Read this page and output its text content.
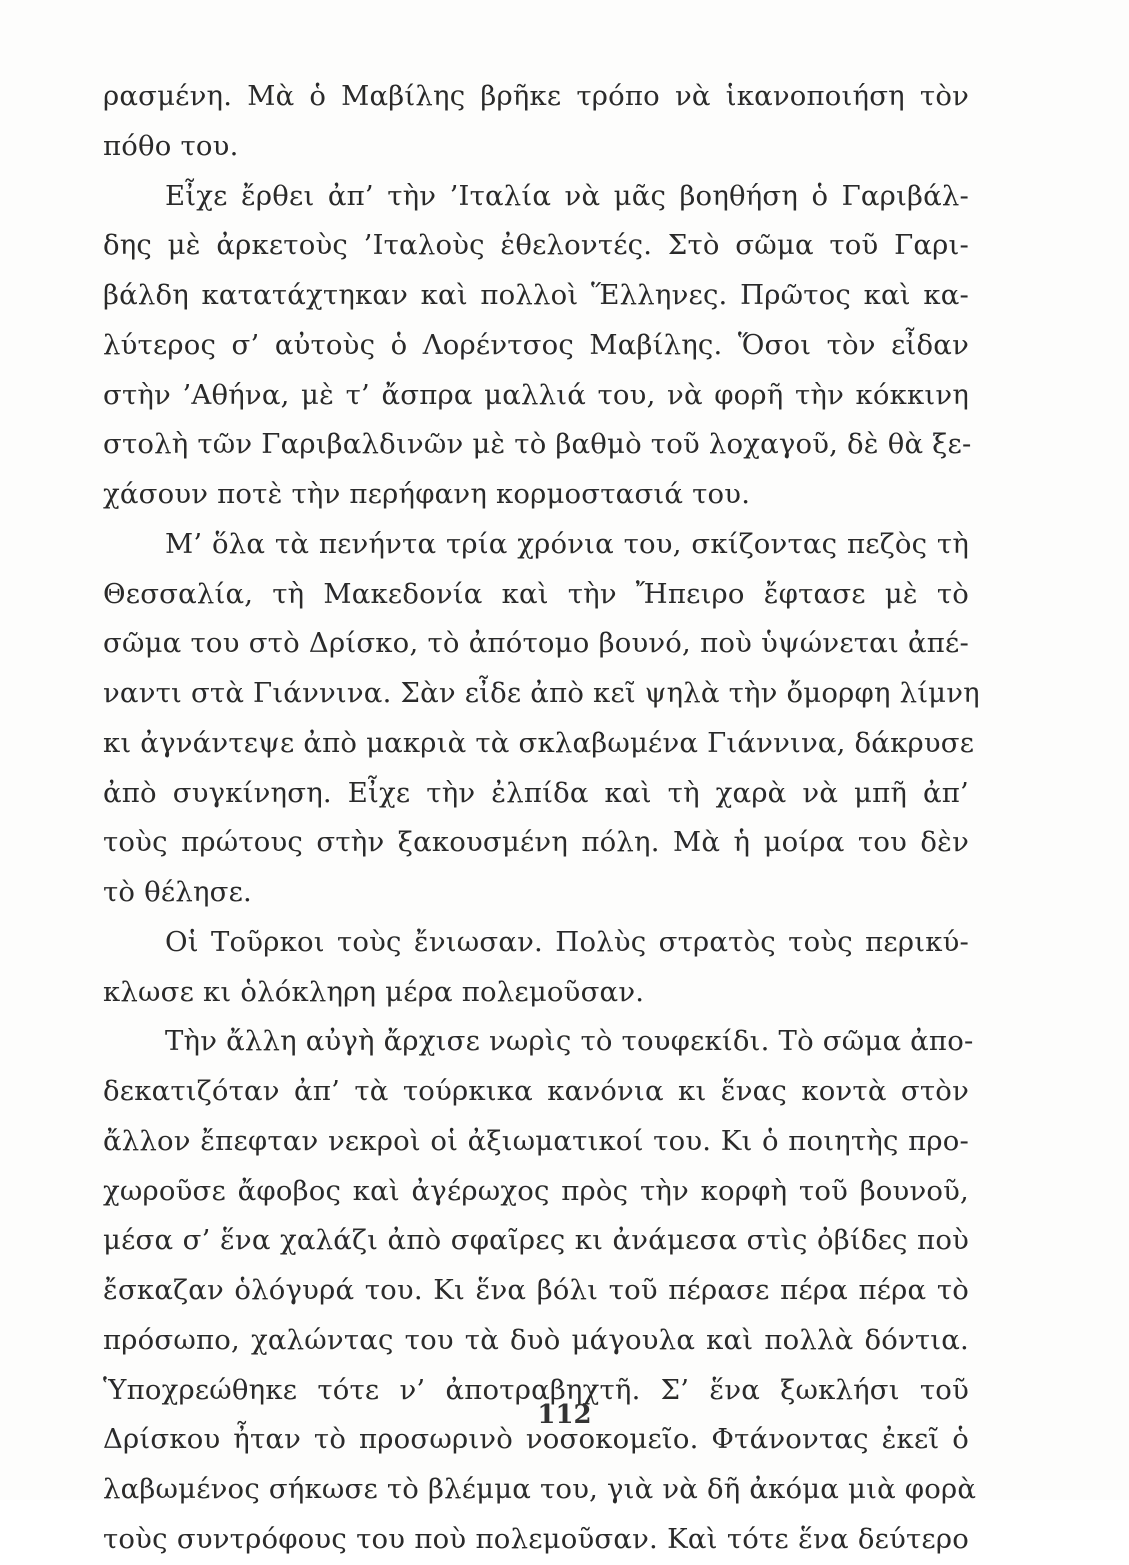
ρασμένη. Μὰ ὁ Μαβίλης βρῆκε τρόπο νὰ ἱκανοποιήση τὸν
πόθο του.
Εἶχε ἔρθει ἀπ’ τὴν ’Ιταλία νὰ μᾶς βοηθήση ὁ Γαριβάλ-
δης μὲ ἀρκετοὺς ’Ιταλοὺς ἐθελοντές. Στὸ σῶμα τοῦ Γαρι-
βάλδη κατατάχτηκαν καὶ πολλοὶ Ἕλληνες. Πρῶτος καὶ κα-
λύτερος σ’ αὐτοὺς ὁ Λορέντσος Μαβίλης. Ὅσοι τὸν εἶδαν
στὴν ’Αθήνα, μὲ τ’ ἄσπρα μαλλιά του, νὰ φορῆ τὴν κόκκινη
στολὴ τῶν Γαριβαλδινῶν μὲ τὸ βαθμὸ τοῦ λοχαγοῦ, δὲ θὰ ξε-
χάσουν ποτὲ τὴν περήφανη κορμοστασιά του.
Μ’ ὅλα τὰ πενήντα τρία χρόνια του, σκίζοντας πεζὸς τὴ
Θεσσαλία, τὴ Μακεδονία καὶ τὴν Ἤπειρο ἔφτασε μὲ τὸ
σῶμα του στὸ Δρίσκο, τὸ ἀπότομο βουνό, ποὺ ὑψώνεται ἀπέ-
ναντι στὰ Γιάννινα. Σὰν εἶδε ἀπὸ κεῖ ψηλὰ τὴν ὄμορφη λίμνη
κι ἀγνάντεψε ἀπὸ μακριὰ τὰ σκλαβωμένα Γιάννινα, δάκρυσε
ἀπὸ συγκίνηση. Εἶχε τὴν ἐλπίδα καὶ τὴ χαρὰ νὰ μπῆ ἀπ’
τοὺς πρώτους στὴν ξακουσμένη πόλη. Μὰ ἡ μοίρα του δὲν
τὸ θέλησε.
Οἱ Τοῦρκοι τοὺς ἔνιωσαν. Πολὺς στρατὸς τοὺς περικύ-
κλωσε κι ὁλόκληρη μέρα πολεμοῦσαν.
Τὴν ἄλλη αὐγὴ ἄρχισε νωρὶς τὸ τουφεκίδι. Τὸ σῶμα ἀπο-
δεκατιζόταν ἀπ’ τὰ τούρκικα κανόνια κι ἕνας κοντὰ στὸν
ἄλλον ἔπεφταν νεκροὶ οἱ ἀξιωματικοί του. Κι ὁ ποιητὴς προ-
χωροῦσε ἄφοβος καὶ ἀγέρωχος πρὸς τὴν κορφὴ τοῦ βουνοῦ,
μέσα σ’ ἕνα χαλάζι ἀπὸ σφαῖρες κι ἀνάμεσα στὶς ὀβίδες ποὺ
ἔσκαζαν ὁλόγυρά του. Κι ἕνα βόλι τοῦ πέρασε πέρα πέρα τὸ
πρόσωπο, χαλώντας του τὰ δυὸ μάγουλα καὶ πολλὰ δόντια.
Ὑποχρεώθηκε τότε ν’ ἀποτραβηχτῆ. Σ’ ἕνα ξωκλήσι τοῦ
Δρίσκου ἦταν τὸ προσωρινὸ νοσοκομεῖο. Φτάνοντας ἐκεῖ ὁ
λαβωμένος σήκωσε τὸ βλέμμα του, γιὰ νὰ δῆ ἀκόμα μιὰ φορὰ
τοὺς συντρόφους του ποὺ πολεμοῦσαν. Καὶ τότε ἕνα δεύτερο
112
